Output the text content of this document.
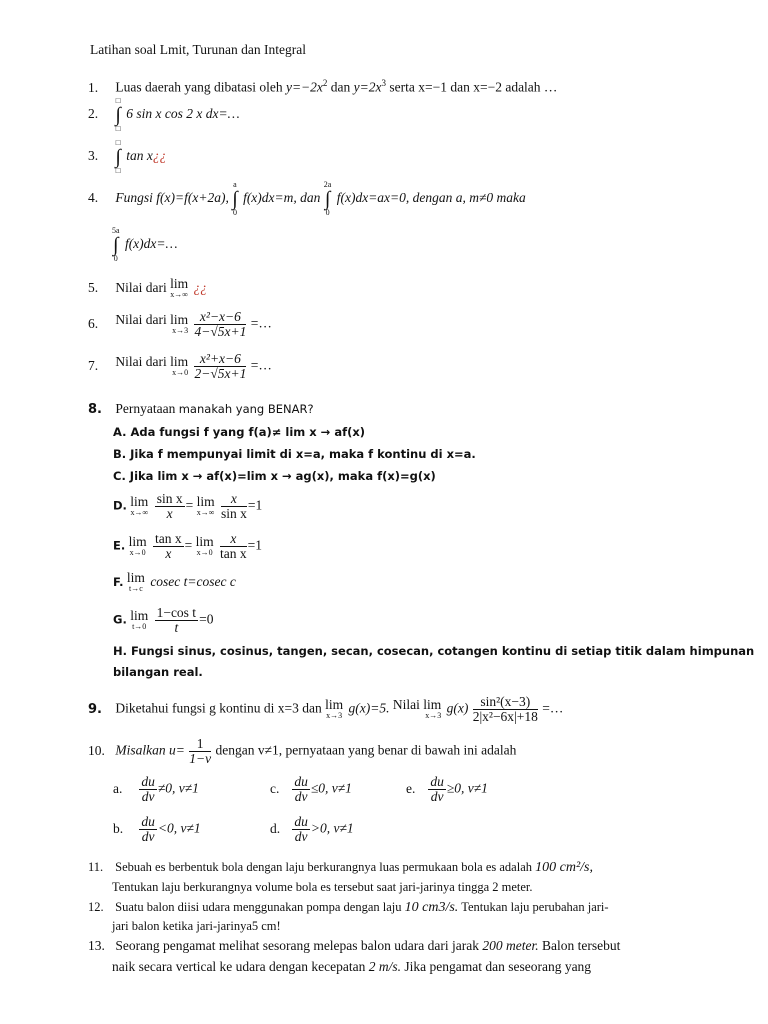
Latihan soal Lmit, Turunan dan Integral
1. Luas daerah yang dibatasi oleh $y=-2x^2$ dan $y=2x^3$ serta x=−1 dan x=−2 adalah …
2.
□
∫
□
6 sin x cos 2 x dx=…
3.
□
∫
□
tan x¿¿
4. Fungsi f(x)=f(x+2a),
a
∫
0
f(x)dx=m, dan
2a
∫
0
f(x)dx=ax=0, dengan a, m≠0 maka
5a
∫
0
f(x)dx=…
5. Nilai dari lim
x→∞ ¿¿
6. Nilai dari lim
x→3
$\frac{\text{x²−x−6}}{4-√5x+1}$ =…
7. Nilai dari lim
x→0
$\frac{\text{x²+x−6}}{2-√5x+1}$ =…
8. Pernyataan manakah yang BENAR?
A. Ada fungsi f yang f(a)≠ lim x → af(x)
B. Jika f mempunyai limit di x=a, maka f kontinu di x=a.
C. Jika lim x → af(x)=lim x → ag(x), maka f(x)=g(x)
D. lim
x→∞
$\frac{\text{sin x}}{x} = \lim$
x→∞
$\frac{x}{\text{sin x}} =1$
E. lim
x→0
$\frac{\text{tan x}}{x} = \lim$
x→0
$\frac{x}{\text{tan x}} =1$
F. lim
t→c cosec t=cosec c
G. lim
t→0
$\frac{\text{1−cos t}}{t} =0$
H. Fungsi sinus, cosinus, tangen, secan, cosecan, cotangen kontinu di setiap titik dalam himpunan
bilangan real.
9. Diketahui fungsi g kontinu di x=3 dan lim
x→3 g(x)=5. Nilai lim
x→3 $g(x) \frac{\text{sin²(x−3)}}{\text{2|x²−6x|+18}}$ =…
10. Misalkan $u= \frac{1}{1-v}$ dengan v≠1, pernyataan yang benar di bawah ini adalah
a. $\frac{du}{dv} \ne 0$, v≠1	c. $\frac{du}{dv} \le 0$, v≠1	e. $\frac{du}{dv} \ge 0$, v≠1
b. $\frac{du}{dv} <0$, v≠1	d. $\frac{du}{dv} >0$, v≠1
11. Sebuah es berbentuk bola dengan laju berkurangnya luas permukaan bola es adalah 100 cm²/s,
Tentukan laju berkurangnya volume bola es tersebut saat jari-jarinya tingga 2 meter.
12. Suatu balon diisi udara menggunakan pompa dengan laju 10 cm3/s. Tentukan laju perubahan jari-
jari balon ketika jari-jarinya5 cm!
13. Seorang pengamat melihat sesorang melepas balon udara dari jarak 200 meter. Balon tersebut
naik secara vertical ke udara dengan kecepatan 2 m/s. Jika pengamat dan seseorang yang
